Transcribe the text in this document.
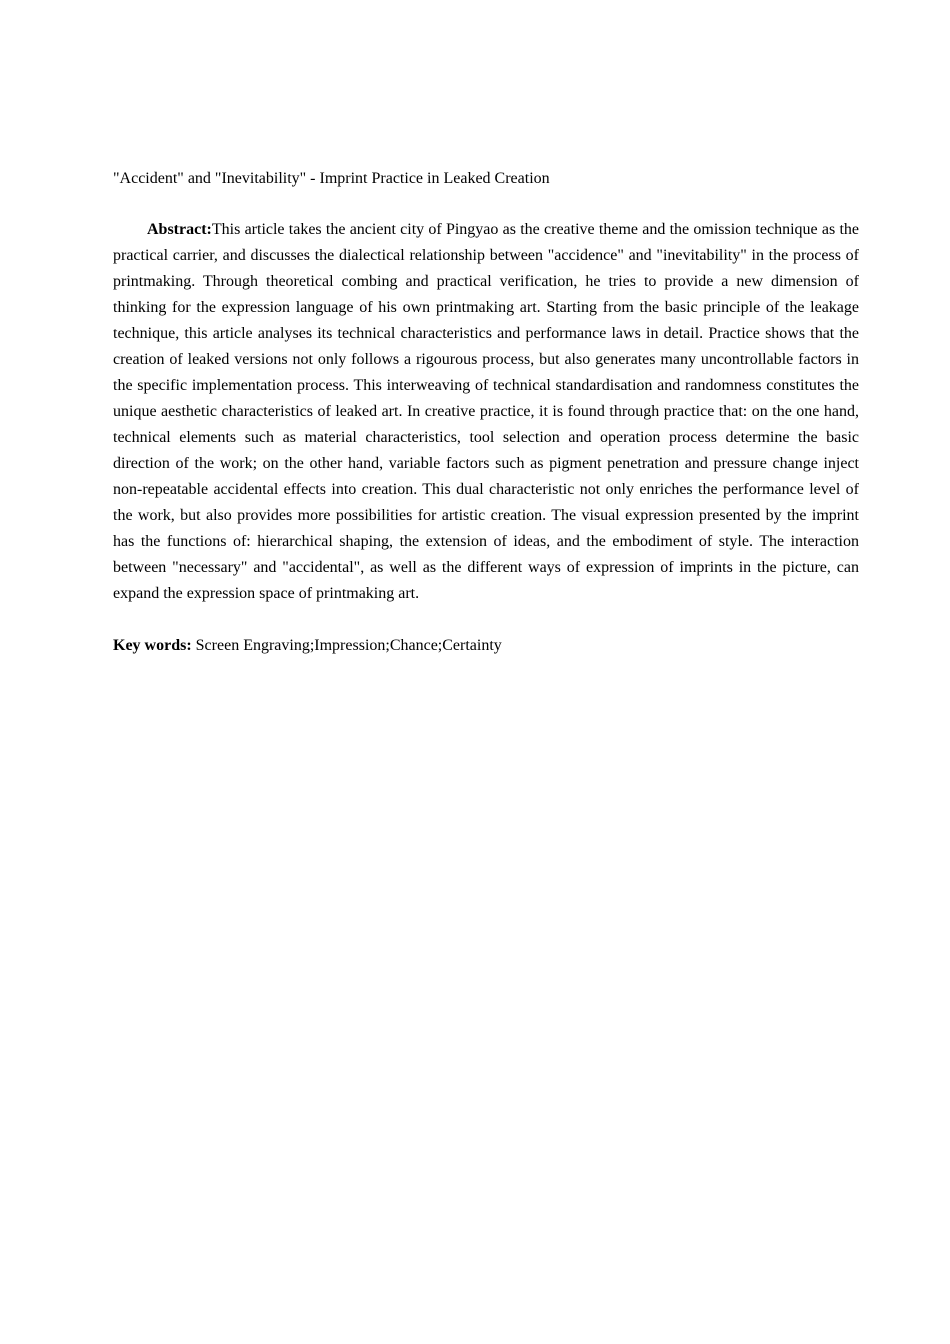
"Accident" and "Inevitability" - Imprint Practice in Leaked Creation

Abstract:This article takes the ancient city of Pingyao as the creative theme and the omission technique as the practical carrier, and discusses the dialectical relationship between "accidence" and "inevitability" in the process of printmaking. Through theoretical combing and practical verification, he tries to provide a new dimension of thinking for the expression language of his own printmaking art. Starting from the basic principle of the leakage technique, this article analyses its technical characteristics and performance laws in detail. Practice shows that the creation of leaked versions not only follows a rigourous process, but also generates many uncontrollable factors in the specific implementation process. This interweaving of technical standardisation and randomness constitutes the unique aesthetic characteristics of leaked art. In creative practice, it is found through practice that: on the one hand, technical elements such as material characteristics, tool selection and operation process determine the basic direction of the work; on the other hand, variable factors such as pigment penetration and pressure change inject non-repeatable accidental effects into creation. This dual characteristic not only enriches the performance level of the work, but also provides more possibilities for artistic creation. The visual expression presented by the imprint has the functions of: hierarchical shaping, the extension of ideas, and the embodiment of style. The interaction between "necessary" and "accidental", as well as the different ways of expression of imprints in the picture, can expand the expression space of printmaking art.

Key words: Screen Engraving;Impression;Chance;Certainty
